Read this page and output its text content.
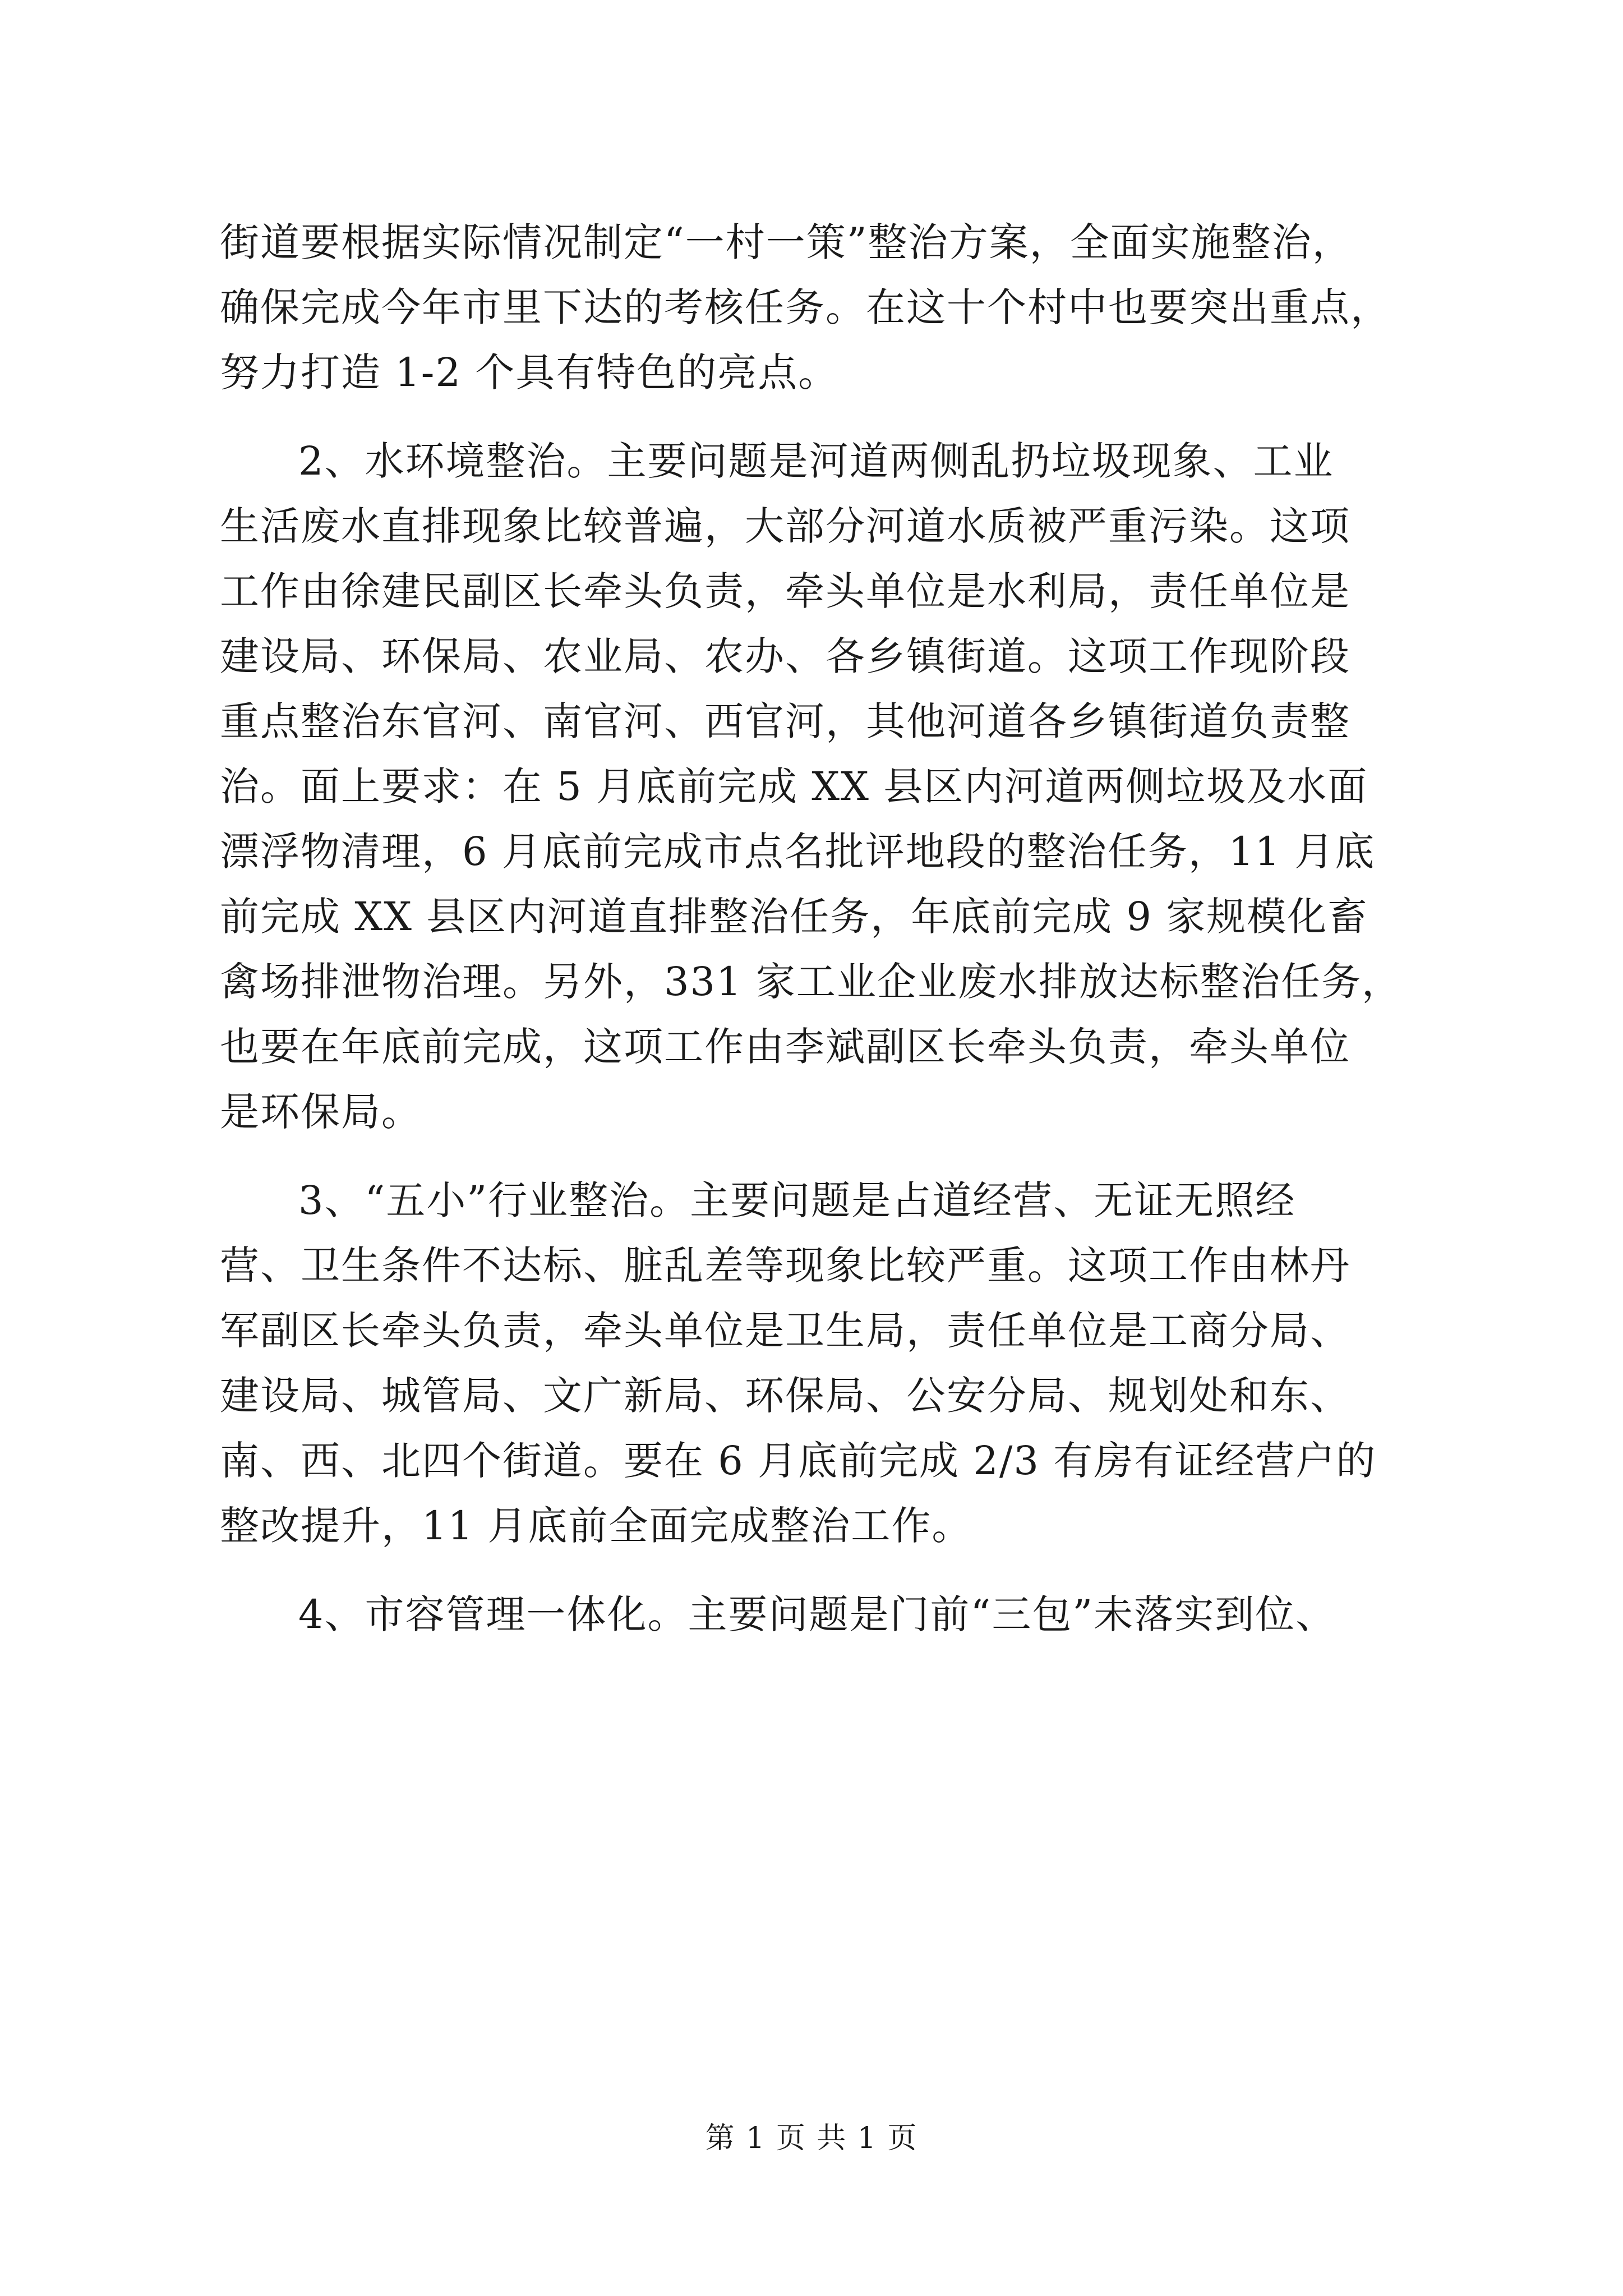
街道要根据实际情况制定“一村一策”整治方案，全面实施整治，
确保完成今年市里下达的考核任务。在这十个村中也要突出重点，
努力打造 1-2 个具有特色的亮点。
2、水环境整治。主要问题是河道两侧乱扔垃圾现象、工业
生活废水直排现象比较普遍，大部分河道水质被严重污染。这项
工作由徐建民副区长牵头负责，牵头单位是水利局，责任单位是
建设局、环保局、农业局、农办、各乡镇街道。这项工作现阶段
重点整治东官河、南官河、西官河，其他河道各乡镇街道负责整
治。面上要求：在 5 月底前完成 XX 县区内河道两侧垃圾及水面
漂浮物清理，6 月底前完成市点名批评地段的整治任务，11 月底
前完成 XX 县区内河道直排整治任务，年底前完成 9 家规模化畜
禽场排泄物治理。另外，331 家工业企业废水排放达标整治任务，
也要在年底前完成，这项工作由李斌副区长牵头负责，牵头单位
是环保局。
3、“五小”行业整治。主要问题是占道经营、无证无照经
营、卫生条件不达标、脏乱差等现象比较严重。这项工作由林丹
军副区长牵头负责，牵头单位是卫生局，责任单位是工商分局、
建设局、城管局、文广新局、环保局、公安分局、规划处和东、
南、西、北四个街道。要在 6 月底前完成 2/3 有房有证经营户的
整改提升，11 月底前全面完成整治工作。
4、市容管理一体化。主要问题是门前“三包”未落实到位、
第 1 页 共 1 页
